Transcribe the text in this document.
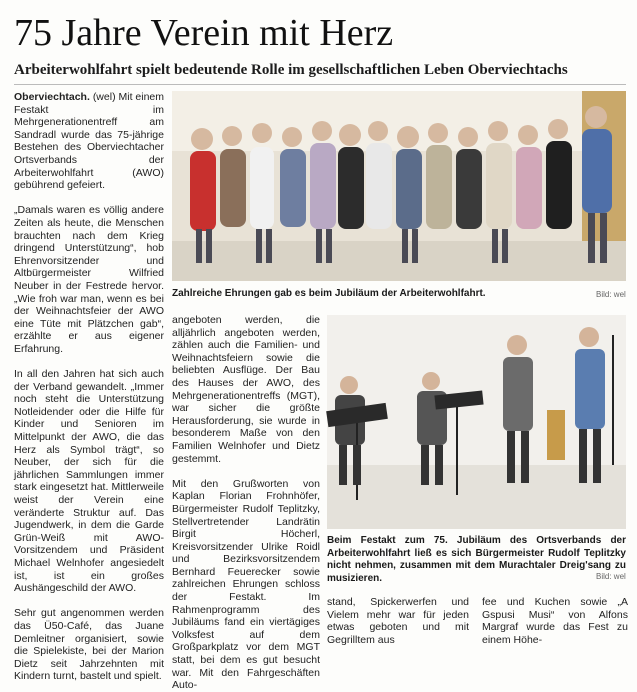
75 Jahre Verein mit Herz
Arbeiterwohlfahrt spielt bedeutende Rolle im gesellschaftlichen Leben Oberviechtachs

Oberviechtach. (wel) Mit einem Festakt im Mehrgenerationentreff am Sandradl wurde das 75-jährige Bestehen des Oberviechtacher Ortsverbands der Arbeiterwohlfahrt (AWO) gebührend gefeiert.

„Damals waren es völlig andere Zeiten als heute, die Menschen brauchten nach dem Krieg dringend Unterstützung“, hob Ehrenvorsitzender und Altbürgermeister Wilfried Neuber in der Festrede hervor. „Wie froh war man, wenn es bei der Weihnachtsfeier der AWO eine Tüte mit Plätzchen gab“, erzählte er aus eigener Erfahrung.

In all den Jahren hat sich auch der Verband gewandelt. „Immer noch steht die Unterstützung Notleidender oder die Hilfe für Kinder und Senioren im Mittelpunkt der AWO, die das Herz als Symbol trägt“, so Neuber, der sich für die jährlichen Sammlungen immer stark eingesetzt hat. Mittlerweile weist der Verein eine veränderte Struktur auf. Das Jugendwerk, in dem die Garde Grün-Weiß mit AWO-Vorsitzendem und Präsident Michael Welnhofer angesiedelt ist, ist ein großes Aushängeschild der AWO.

Sehr gut angenommen werden das Ü50-Café, das Juane Demleitner organisiert, sowie die Spielekiste, bei der Marion Dietz seit Jahrzehnten mit Kindern turnt, bastelt und spielt.

Zahlreiche Ehrungen gab es beim Jubiläum der Arbeiterwohlfahrt.	Bild: wel

angeboten werden, die alljährlich angeboten werden, zählen auch die Familien- und Weihnachtsfeiern sowie die beliebten Ausflüge. Der Bau des Hauses der AWO, des Mehrgenerationentreffs (MGT), war sicher die größte Herausforderung, sie wurde in besonderem Maße von den Familien Welnhofer und Dietz gestemmt.

Mit den Grußworten von Kaplan Florian Frohnhöfer, Bürgermeister Rudolf Teplitzky, Stellvertretender Landrätin Birgit Höcherl, Kreisvorsitzender Ulrike Roidl und Bezirksvorsitzendem Bernhard Feuerecker sowie zahlreichen Ehrungen schloss der Festakt. Im Rahmenprogramm des Jubiläums fand ein viertägiges Volksfest auf dem Großparkplatz vor dem MGT statt, bei dem es gut besucht war. Mit den Fahrgeschäften Auto-

Beim Festakt zum 75. Jubiläum des Ortsverbands der Arbeiterwohlfahrt ließ es sich Bürgermeister Rudolf Teplitzky nicht nehmen, zusammen mit dem Murachtaler Dreig'sang zu musizieren.	Bild: wel

stand, Spickerwerfen und Vielem mehr war für jeden etwas geboten und mit Gegrilltem aus

fee und Kuchen sowie „A Gspusi Musi“ von Alfons Margraf wurde das Fest zu einem Höhe-
